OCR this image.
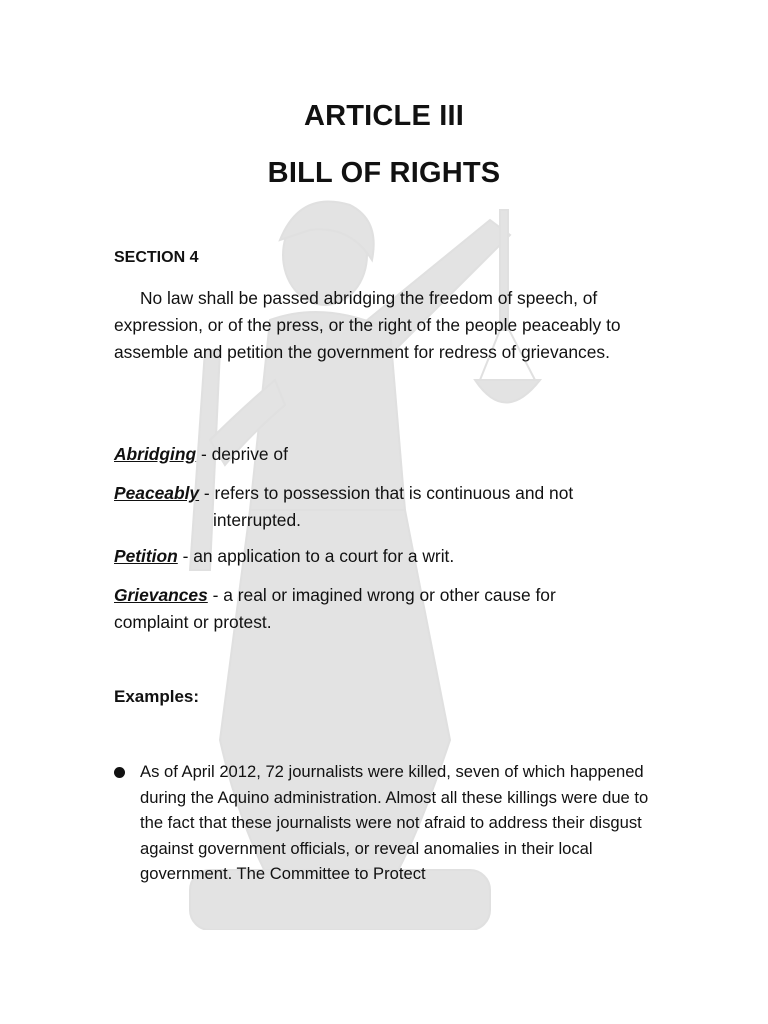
ARTICLE III
BILL OF RIGHTS
SECTION 4
No law shall be passed abridging the freedom of speech, of expression, or of the press, or the right of the people peaceably to assemble and petition the government for redress of grievances.
Abridging - deprive of
Peaceably - refers to possession that is continuous and not
interrupted.
Petition - an application to a court for a writ.
Grievances - a real or imagined wrong or other cause for complaint or protest.
Examples:
As of April 2012, 72 journalists were killed, seven of which happened during the Aquino administration. Almost all these killings were due to the fact that these journalists were not afraid to address their disgust against government officials, or reveal anomalies in their local government. The Committee to Protect
